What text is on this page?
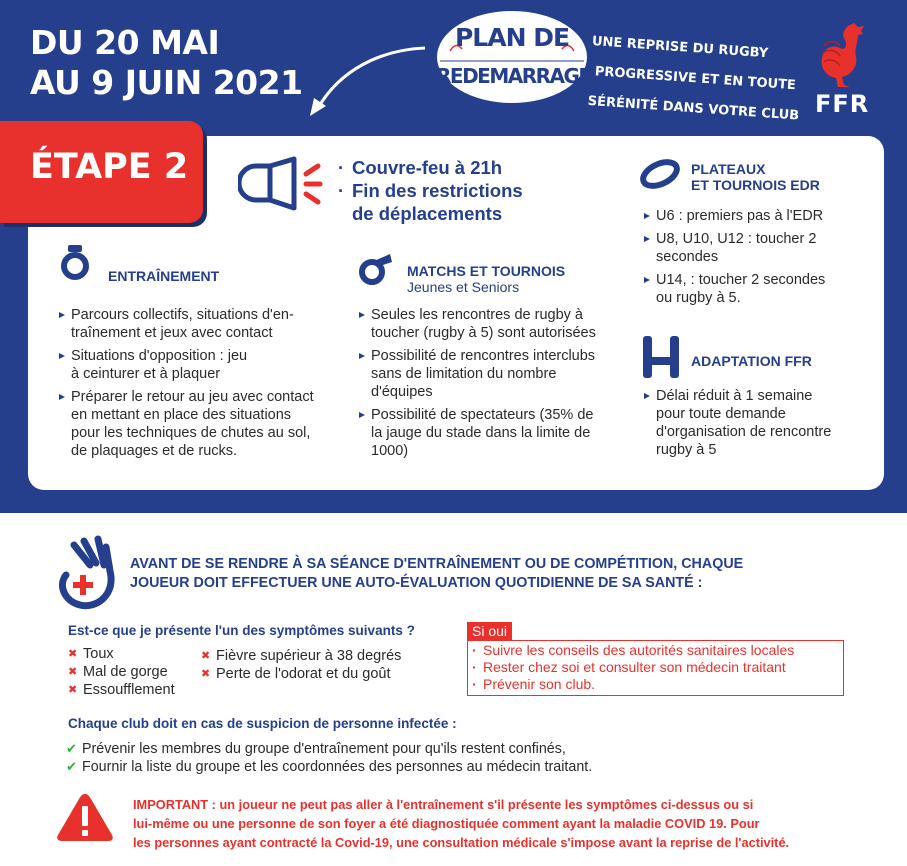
DU 20 MAI
AU 9 JUIN 2021
PLAN DE
REDEMARRAGE
UNE REPRISE DU RUGBY
PROGRESSIVE ET EN TOUTE
SÉRÉNITÉ DANS VOTRE CLUB FFR
ÉTAPE 2	· Couvre-feu à 21h
· Fin des restrictions
de déplacements
ENTRAÎNEMENT
Parcours collectifs, situations d'en-
traînement et jeux avec contact
Situations d'opposition : jeu
à ceinturer et à plaquer
Préparer le retour au jeu avec contact
en mettant en place des situations
pour les techniques de chutes au sol,
de plaquages et de rucks.
MATCHS ET TOURNOIS
Jeunes et Seniors
Seules les rencontres de rugby à
toucher (rugby à 5) sont autorisées
Possibilité de rencontres interclubs
sans de limitation du nombre
d'équipes
Possibilité de spectateurs (35% de
la jauge du stade dans la limite de
1000)
PLATEAUX
ET TOURNOIS EDR
U6 : premiers pas à l'EDR
U8, U10, U12 : toucher 2
secondes
U14, : toucher 2 secondes
ou rugby à 5.
ADAPTATION FFR
Délai réduit à 1 semaine
pour toute demande
d'organisation de rencontre
rugby à 5
AVANT DE SE RENDRE À SA SÉANCE D'ENTRAÎNEMENT OU DE COMPÉTITION, CHAQUE
JOUEUR DOIT EFFECTUER UNE AUTO-ÉVALUATION QUOTIDIENNE DE SA SANTÉ :
Est-ce que je présente l'un des symptômes suivants ?
✖ Toux
✖ Mal de gorge
✖ Essoufflement
✖ Fièvre supérieur à 38 degrés
✖ Perte de l'odorat et du goût
Si oui
· Suivre les conseils des autorités sanitaires locales
· Rester chez soi et consulter son médecin traitant
· Prévenir son club.
Chaque club doit en cas de suspicion de personne infectée :
✔ Prévenir les membres du groupe d'entraînement pour qu'ils restent confinés,
✔ Fournir la liste du groupe et les coordonnées des personnes au médecin traitant.
IMPORTANT : un joueur ne peut pas aller à l'entraînement s'il présente les symptômes ci-dessus ou si
lui-même ou une personne de son foyer a été diagnostiquée comment ayant la maladie COVID 19. Pour
les personnes ayant contracté la Covid-19, une consultation médicale s'impose avant la reprise de l'activité.
